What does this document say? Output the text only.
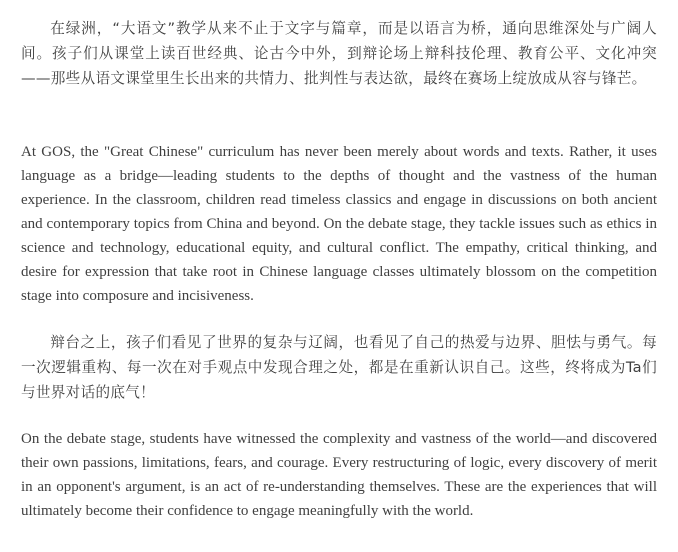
在绿洲，“大语文”教学从来不止于文字与篇章，而是以语言为桥，通向思维深处与广阔人间。孩子们从课堂上读百世经典、论古今中外，到辩论场上辩科技伦理、教育公平、文化冲突——那些从语文课堂里生长出来的共情力、批判性与表达欲，最终在赛场上绽放成从容与锋芒。

At GOS, the "Great Chinese" curriculum has never been merely about words and texts. Rather, it uses language as a bridge—leading students to the depths of thought and the vastness of the human experience. In the classroom, children read timeless classics and engage in discussions on both ancient and contemporary topics from China and beyond. On the debate stage, they tackle issues such as ethics in science and technology, educational equity, and cultural conflict. The empathy, critical thinking, and desire for expression that take root in Chinese language classes ultimately blossom on the competition stage into composure and incisiveness.

辩台之上，孩子们看见了世界的复杂与辽阔，也看见了自己的热爱与边界、胆怯与勇气。每一次逻辑重构、每一次在对手观点中发现合理之处，都是在重新认识自己。这些，终将成为Ta们与世界对话的底气！

On the debate stage, students have witnessed the complexity and vastness of the world—and discovered their own passions, limitations, fears, and courage. Every restructuring of logic, every discovery of merit in an opponent's argument, is an act of re-understanding themselves. These are the experiences that will ultimately become their confidence to engage meaningfully with the world.
